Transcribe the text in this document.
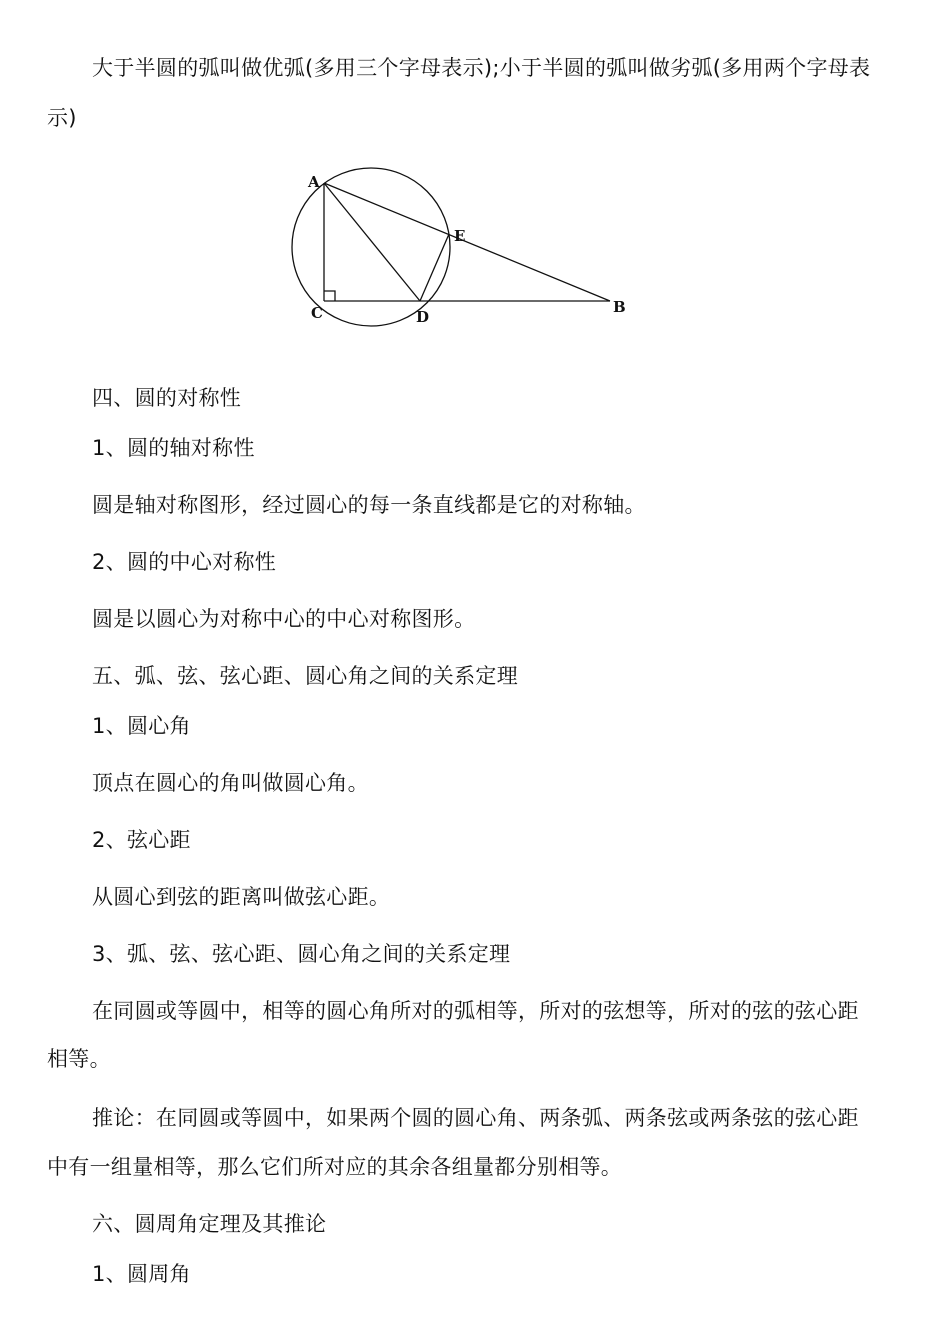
大于半圆的弧叫做优弧(多用三个字母表示);小于半圆的弧叫做劣弧(多用两个字母表
示)
A
B
C	D
E
四、圆的对称性
1、圆的轴对称性
圆是轴对称图形，经过圆心的每一条直线都是它的对称轴。
2、圆的中心对称性
圆是以圆心为对称中心的中心对称图形。
五、弧、弦、弦心距、圆心角之间的关系定理
1、圆心角
顶点在圆心的角叫做圆心角。
2、弦心距
从圆心到弦的距离叫做弦心距。
3、弧、弦、弦心距、圆心角之间的关系定理
在同圆或等圆中，相等的圆心角所对的弧相等，所对的弦想等，所对的弦的弦心距
相等。
推论：在同圆或等圆中，如果两个圆的圆心角、两条弧、两条弦或两条弦的弦心距
中有一组量相等，那么它们所对应的其余各组量都分别相等。
六、圆周角定理及其推论
1、圆周角
